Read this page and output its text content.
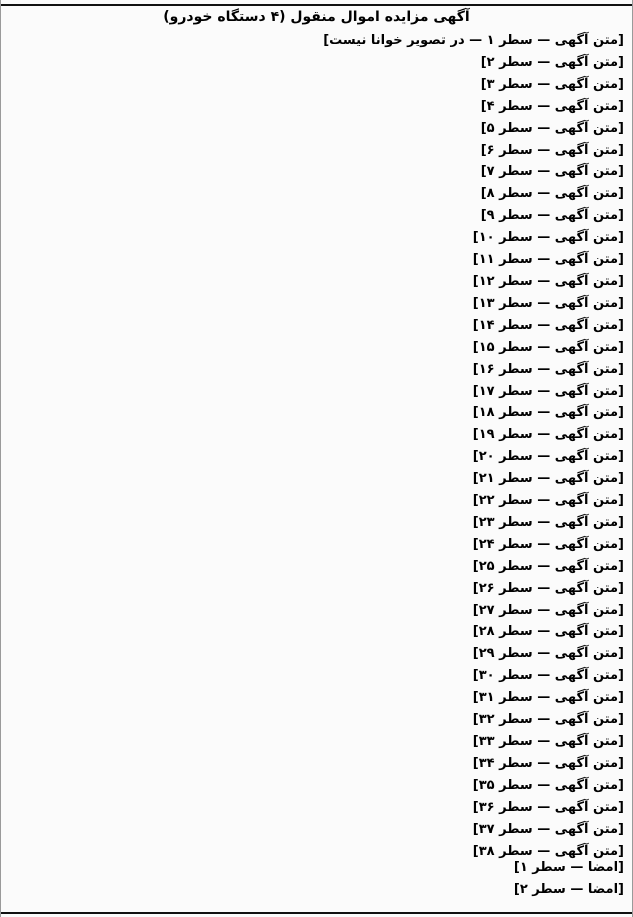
آگهی مزایده اموال منقول (۴ دستگاه خودرو)
[متن آگهی — سطر ۱ — در تصویر خوانا نیست]
[متن آگهی — سطر ۲]
[متن آگهی — سطر ۳]
[متن آگهی — سطر ۴]
[متن آگهی — سطر ۵]
[متن آگهی — سطر ۶]
[متن آگهی — سطر ۷]
[متن آگهی — سطر ۸]
[متن آگهی — سطر ۹]
[متن آگهی — سطر ۱۰]
[متن آگهی — سطر ۱۱]
[متن آگهی — سطر ۱۲]
[متن آگهی — سطر ۱۳]
[متن آگهی — سطر ۱۴]
[متن آگهی — سطر ۱۵]
[متن آگهی — سطر ۱۶]
[متن آگهی — سطر ۱۷]
[متن آگهی — سطر ۱۸]
[متن آگهی — سطر ۱۹]
[متن آگهی — سطر ۲۰]
[متن آگهی — سطر ۲۱]
[متن آگهی — سطر ۲۲]
[متن آگهی — سطر ۲۳]
[متن آگهی — سطر ۲۴]
[متن آگهی — سطر ۲۵]
[متن آگهی — سطر ۲۶]
[متن آگهی — سطر ۲۷]
[متن آگهی — سطر ۲۸]
[متن آگهی — سطر ۲۹]
[متن آگهی — سطر ۳۰]
[متن آگهی — سطر ۳۱]
[متن آگهی — سطر ۳۲]
[متن آگهی — سطر ۳۳]
[متن آگهی — سطر ۳۴]
[متن آگهی — سطر ۳۵]
[متن آگهی — سطر ۳۶]
[متن آگهی — سطر ۳۷]
[متن آگهی — سطر ۳۸]
[امضا — سطر ۱]
[امضا — سطر ۲]
